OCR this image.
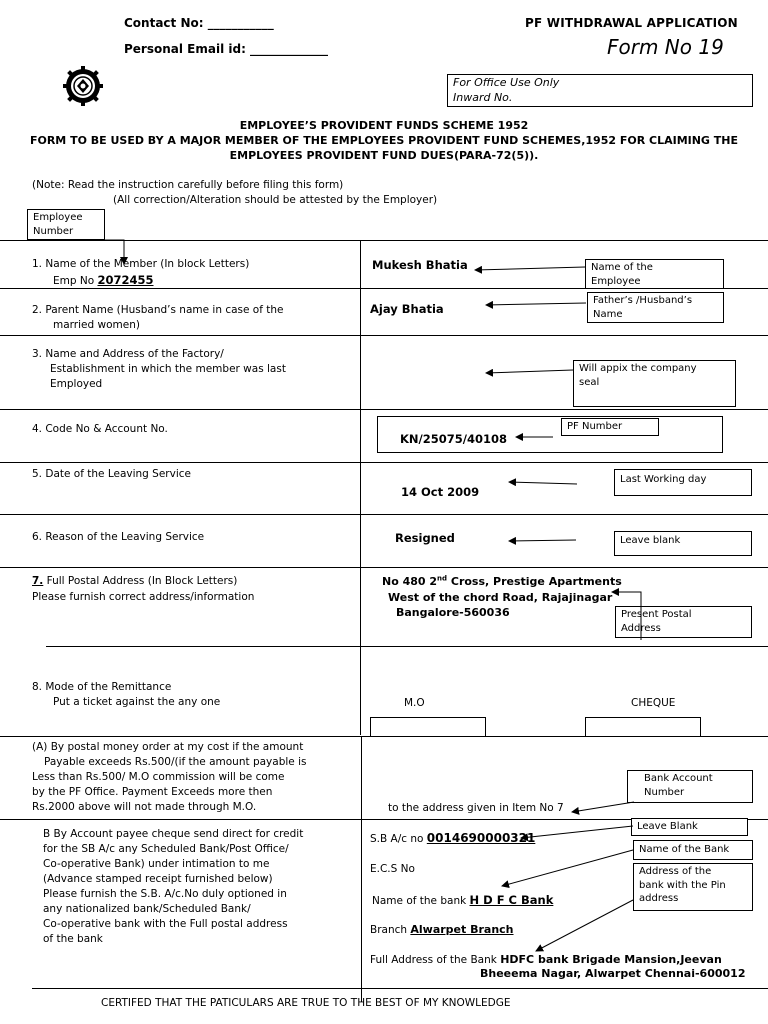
Contact No: ___________
Personal Email id: _____________
PF WITHDRAWAL APPLICATION
Form No 19
For Office Use Only
Inward No.
EMPLOYEE’S PROVIDENT FUNDS SCHEME 1952
FORM TO BE USED BY A MAJOR MEMBER OF THE EMPLOYEES PROVIDENT FUND SCHEMES,1952 FOR CLAIMING THE
EMPLOYEES PROVIDENT FUND DUES(PARA-72(5)).
(Note: Read the instruction carefully before filing this form)
(All correction/Alteration should be attested by the Employer)
Employee
Number
1. Name of the Member (In block Letters)
Emp No 2072455
Mukesh Bhatia	Name of the
Employee
2. Parent Name (Husband’s name in case of the
married women)
Ajay Bhatia
Father’s /Husband’s
Name
3. Name and Address of the Factory/
Establishment in which the member was last
Employed
Will appix the company
seal
4. Code No & Account No.
KN/25075/40108
PF Number
5. Date of the Leaving Service
14 Oct 2009
Last Working day
6. Reason of the Leaving Service	Resigned	Leave blank
7. Full Postal Address (In Block Letters)
Please furnish correct address/information
No 480 2nd Cross, Prestige Apartments
West of the chord Road, Rajajinagar
Bangalore-560036	Present Postal
Address
8. Mode of the Remittance
Put a ticket against the any one	M.O	CHEQUE
(A) By postal money order at my cost if the amount
Payable exceeds Rs.500/(if the amount payable is
Less than Rs.500/ M.O commission will be come
by the PF Office. Payment Exceeds more then
Rs.2000 above will not made through M.O.	to the address given in Item No 7
Bank Account
Number
B By Account payee cheque send direct for credit
for the SB A/c any Scheduled Bank/Post Office/
Co-operative Bank) under intimation to me
(Advance stamped receipt furnished below)
Please furnish the S.B. A/c.No duly optioned in
any nationalized bank/Scheduled Bank/
Co-operative bank with the Full postal address
of the bank
S.B A/c no 0014690000321
E.C.S No
Name of the bank H D F C Bank
Branch Alwarpet Branch
Full Address of the Bank HDFC bank Brigade Mansion,Jeevan
Bheeema Nagar, Alwarpet Chennai-600012
Leave Blank
Name of the Bank
Address of the
bank with the Pin
address
CERTIFED THAT THE PATICULARS ARE TRUE TO THE BEST OF MY KNOWLEDGE
